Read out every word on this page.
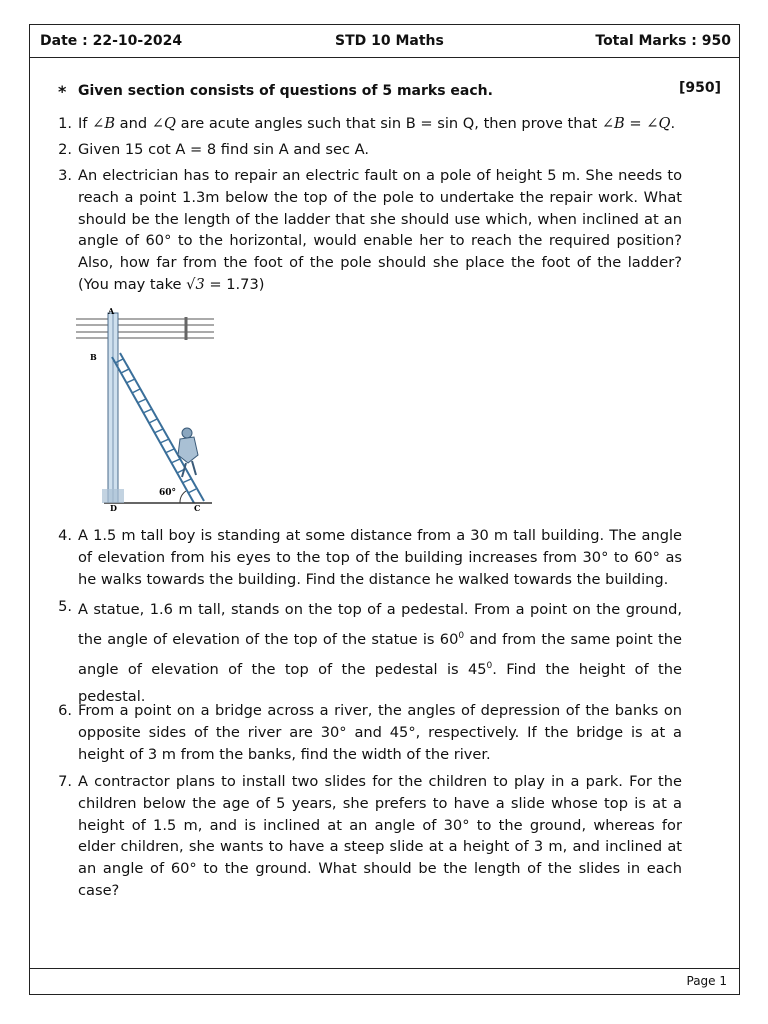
Date : 22-10-2024	STD 10 Maths	Total Marks : 950
Page 1
* Given section consists of questions of 5 marks each.	[950]
1. If ∠B and ∠Q are acute angles such that sin B = sin Q, then prove that ∠B = ∠Q.
2. Given 15 cot A = 8 find sin A and sec A.
3. An electrician has to repair an electric fault on a pole of height 5 m. She needs to reach a point 1.3m below the top of the pole to undertake the repair work. What should be the length of the ladder that she should use which, when inclined at an angle of 60° to the horizontal, would enable her to reach the required position? Also, how far from the foot of the pole should she place the foot of the ladder? (You may take √3 = 1.73)
A
B
D	C
60°
4. A 1.5 m tall boy is standing at some distance from a 30 m tall building. The angle of elevation from his eyes to the top of the building increases from 30° to 60° as he walks towards the building. Find the distance he walked towards the building.
5. A statue, 1.6 m tall, stands on the top of a pedestal. From a point on the ground, the angle of elevation of the top of the statue is $60^0$ and from the same point the angle of elevation of the top of the pedestal is $45^0$. Find the height of the pedestal.
6. From a point on a bridge across a river, the angles of depression of the banks on opposite sides of the river are 30° and 45°, respectively. If the bridge is at a height of 3 m from the banks, find the width of the river.
7. A contractor plans to install two slides for the children to play in a park. For the children below the age of 5 years, she prefers to have a slide whose top is at a height of 1.5 m, and is inclined at an angle of 30° to the ground, whereas for elder children, she wants to have a steep slide at a height of 3 m, and inclined at an angle of 60° to the ground. What should be the length of the slides in each case?
